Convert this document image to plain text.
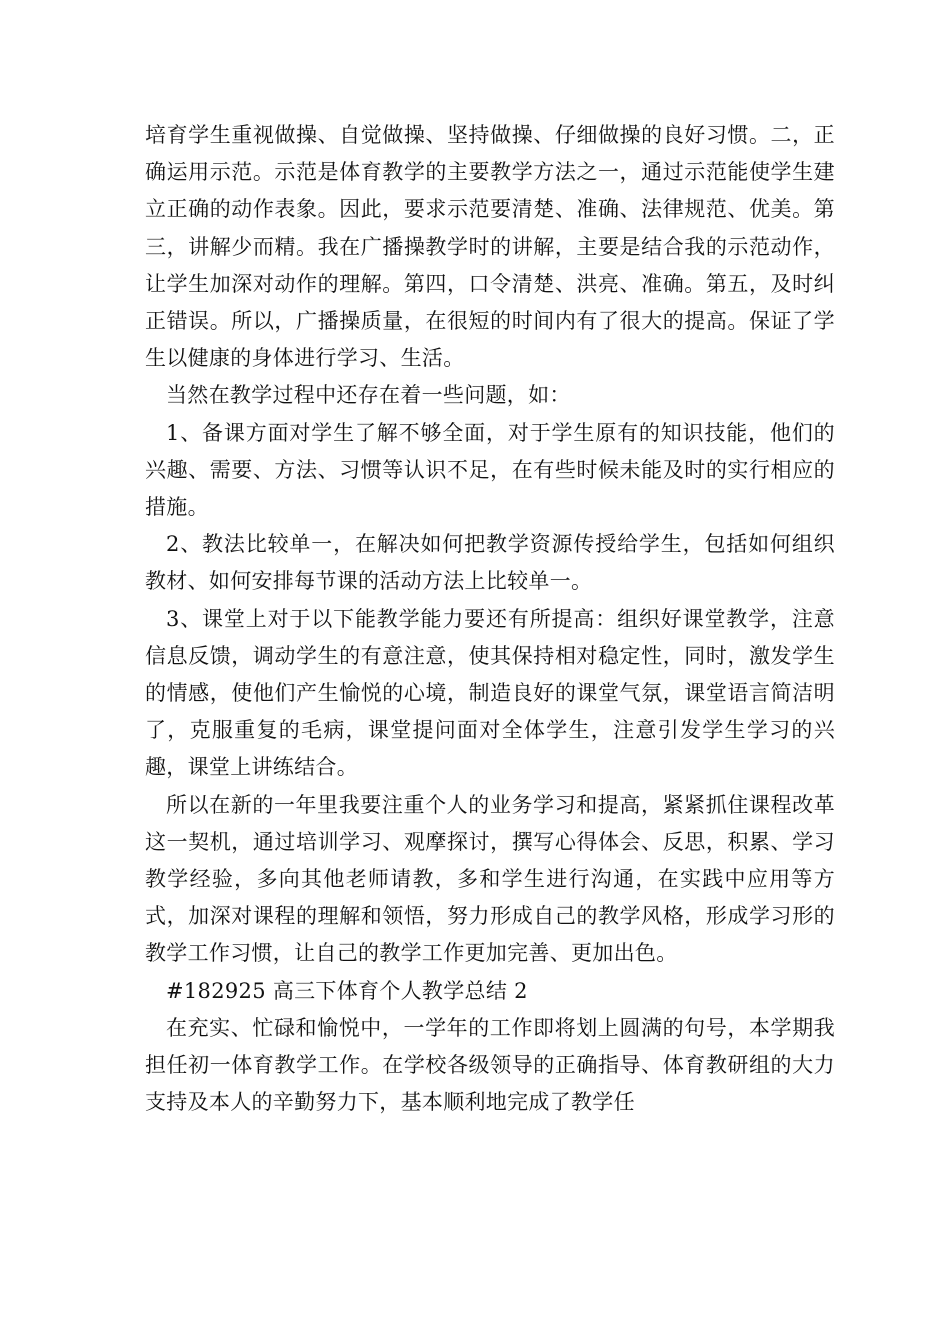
培育学生重视做操、自觉做操、坚持做操、仔细做操的良好习惯。二，正确运用示范。示范是体育教学的主要教学方法之一，通过示范能使学生建立正确的动作表象。因此，要求示范要清楚、准确、法律规范、优美。第三，讲解少而精。我在广播操教学时的讲解，主要是结合我的示范动作，让学生加深对动作的理解。第四，口令清楚、洪亮、准确。第五，及时纠正错误。所以，广播操质量，在很短的时间内有了很大的提高。保证了学生以健康的身体进行学习、生活。

当然在教学过程中还存在着一些问题，如：

1、备课方面对学生了解不够全面，对于学生原有的知识技能，他们的兴趣、需要、方法、习惯等认识不足，在有些时候未能及时的实行相应的措施。

2、教法比较单一，在解决如何把教学资源传授给学生，包括如何组织教材、如何安排每节课的活动方法上比较单一。

3、课堂上对于以下能教学能力要还有所提高：组织好课堂教学，注意信息反馈，调动学生的有意注意，使其保持相对稳定性，同时，激发学生的情感，使他们产生愉悦的心境，制造良好的课堂气氛，课堂语言简洁明了，克服重复的毛病，课堂提问面对全体学生，注意引发学生学习的兴趣，课堂上讲练结合。

所以在新的一年里我要注重个人的业务学习和提高，紧紧抓住课程改革这一契机，通过培训学习、观摩探讨，撰写心得体会、反思，积累、学习教学经验，多向其他老师请教，多和学生进行沟通，在实践中应用等方式，加深对课程的理解和领悟，努力形成自己的教学风格，形成学习形的教学工作习惯，让自己的教学工作更加完善、更加出色。

#182925 高三下体育个人教学总结 2

在充实、忙碌和愉悦中，一学年的工作即将划上圆满的句号，本学期我担任初一体育教学工作。在学校各级领导的正确指导、体育教研组的大力支持及本人的辛勤努力下，基本顺利地完成了教学任
